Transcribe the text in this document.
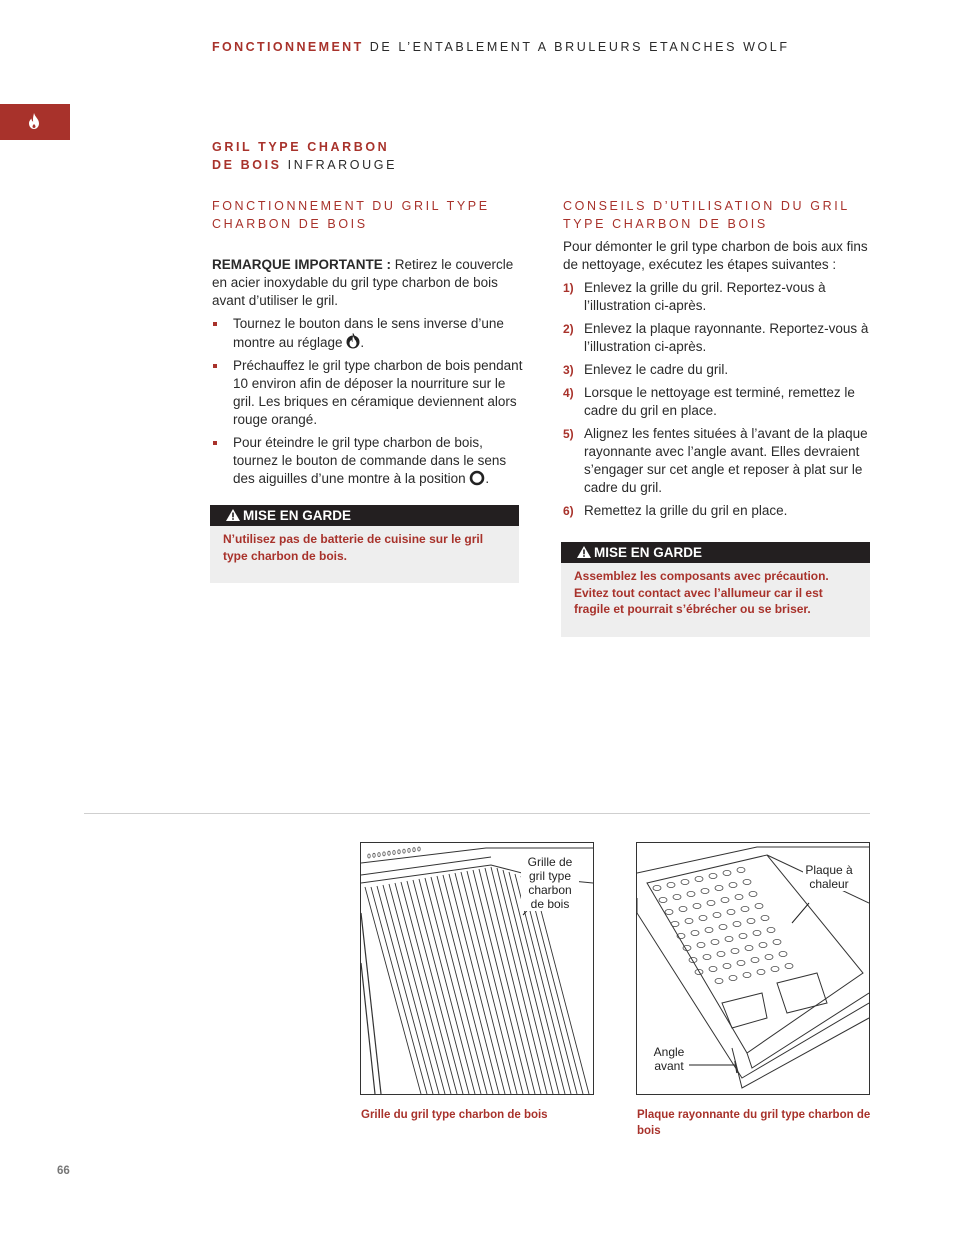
FONCTIONNEMENT DE L’ENTABLEMENT A BRULEURS ETANCHES WOLF
GRIL TYPE CHARBON
DE BOIS INFRAROUGE
FONCTIONNEMENT DU GRIL TYPE
CHARBON DE BOIS
REMARQUE IMPORTANTE : Retirez le couvercle en acier inoxydable du gril type charbon de bois avant d’utiliser le gril.
Tournez le bouton dans le sens inverse d’une montre au réglage .
Préchauffez le gril type charbon de bois pendant 10 environ afin de déposer la nourriture sur le gril. Les briques en céramique deviennent alors rouge orangé.
Pour éteindre le gril type charbon de bois, tournez le bouton de commande dans le sens des aiguilles d’une montre à la position .
MISE EN GARDE
N’utilisez pas de batterie de cuisine sur le gril type charbon de bois.
CONSEILS D’UTILISATION DU GRIL
TYPE CHARBON DE BOIS
Pour démonter le gril type charbon de bois aux fins de nettoyage, exécutez les étapes suivantes :
1) Enlevez la grille du gril. Reportez-vous à l’illustration ci-après.
2) Enlevez la plaque rayonnante. Reportez-vous à l’illustration ci-après.
3) Enlevez le cadre du gril.
4) Lorsque le nettoyage est terminé, remettez le cadre du gril en place.
5) Alignez les fentes situées à l’avant de la plaque rayonnante avec l’angle avant. Elles devraient s’engager sur cet angle et reposer à plat sur le cadre du gril.
6) Remettez la grille du gril en place.
MISE EN GARDE
Assemblez les composants avec précaution. Evitez tout contact avec l’allumeur car il est fragile et pourrait s’ébrécher ou se briser.
Grille de gril type charbon de bois
Grille du gril type charbon de bois
Plaque à chaleur
Angle avant
Plaque rayonnante du gril type charbon de bois
66
